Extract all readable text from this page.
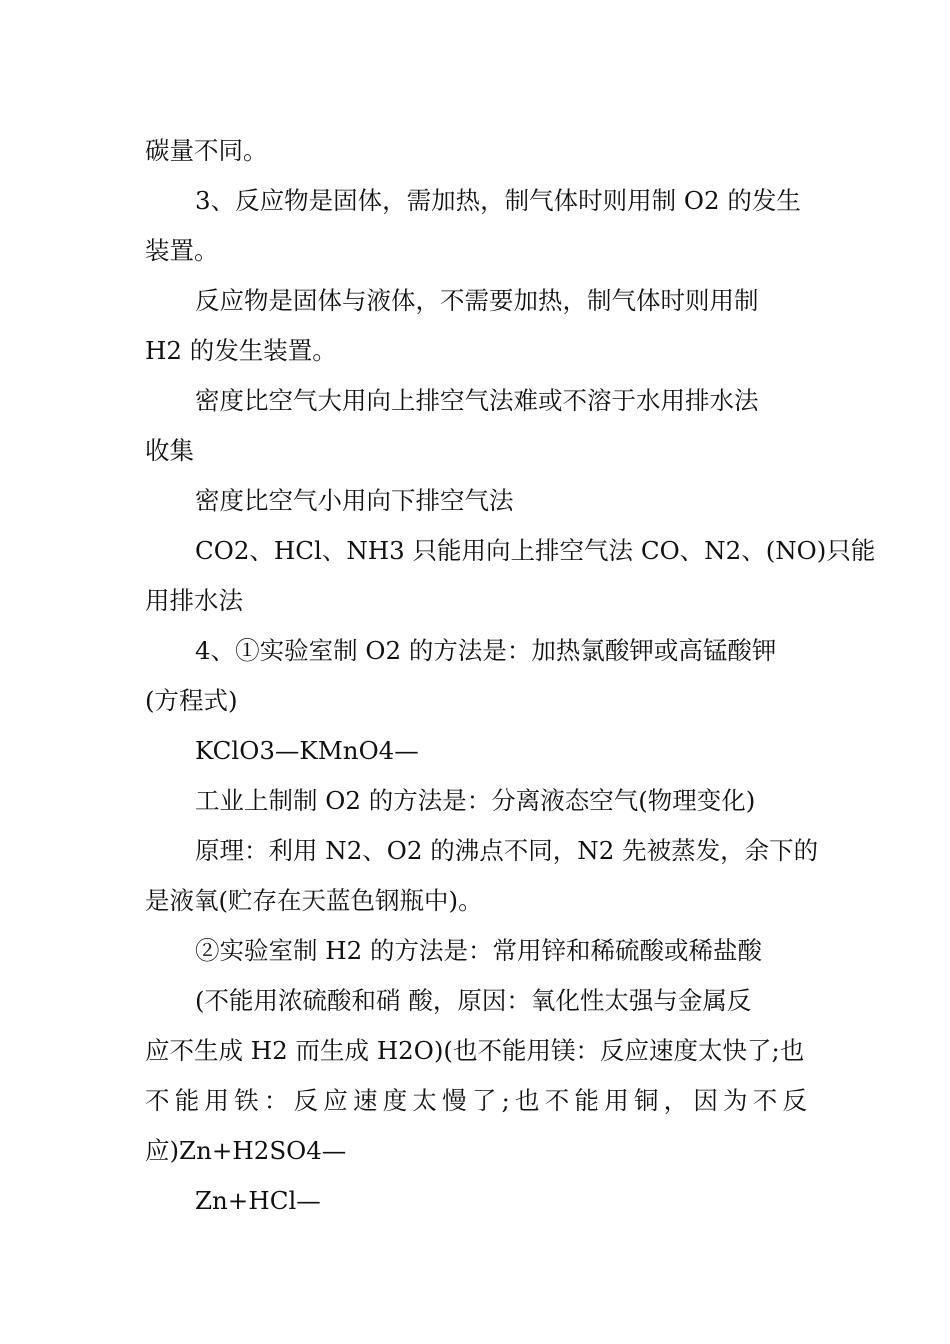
碳量不同。
3、反应物是固体，需加热，制气体时则用制 O2 的发生
装置。
反应物是固体与液体，不需要加热，制气体时则用制
H2 的发生装置。
密度比空气大用向上排空气法难或不溶于水用排水法
收集
密度比空气小用向下排空气法
CO2、HCl、NH3 只能用向上排空气法 CO、N2、(NO)只能
用排水法
4、①实验室制 O2 的方法是：加热氯酸钾或高锰酸钾
(方程式)
KClO3—KMnO4—
工业上制制 O2 的方法是：分离液态空气(物理变化)
原理：利用 N2、O2 的沸点不同，N2 先被蒸发，余下的
是液氧(贮存在天蓝色钢瓶中)。
②实验室制 H2 的方法是：常用锌和稀硫酸或稀盐酸
(不能用浓硫酸和硝 酸，原因：氧化性太强与金属反
应不生成 H2 而生成 H2O)(也不能用镁：反应速度太快了;也
不能用铁：反应速度太慢了;也不能用铜，因为不反
应)Zn+H2SO4—
Zn+HCl—
